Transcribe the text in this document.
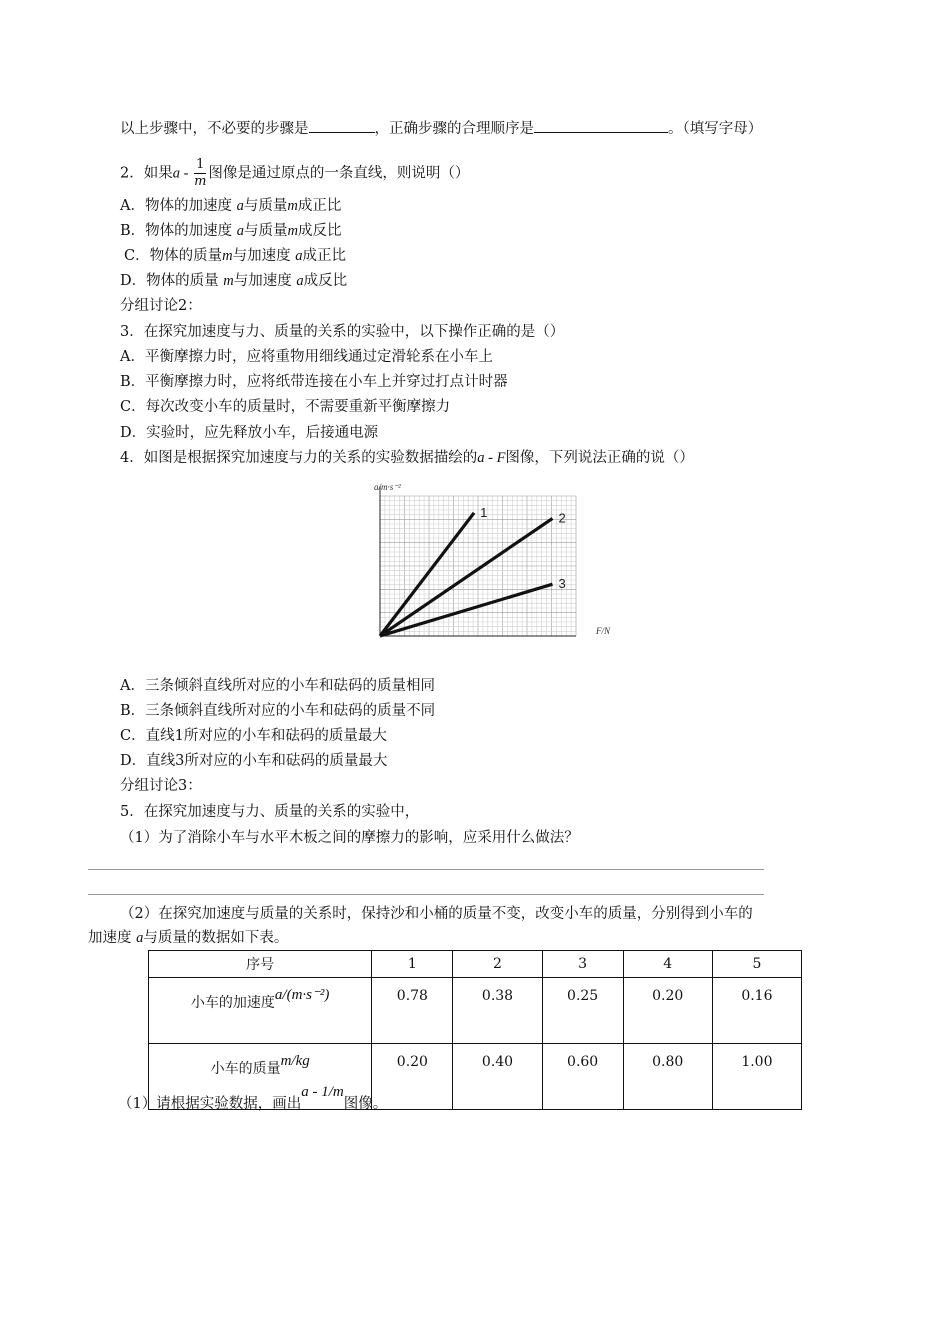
以上步骤中，不必要的步骤是	，正确步骤的合理顺序是	。（填写字母）
2．如果a - $\frac{1}{m}$ 图像是通过原点的一条直线，则说明（）
A．物体的加速度 a与质量m成正比
B．物体的加速度 a与质量m成反比
C．物体的质量m与加速度 a成正比
D．物体的质量 m与加速度 a成反比
分组讨论2：
3．在探究加速度与力、质量的关系的实验中，以下操作正确的是（）
A．平衡摩擦力时，应将重物用细线通过定滑轮系在小车上
B．平衡摩擦力时，应将纸带连接在小车上并穿过打点计时器
C．每次改变小车的质量时，不需要重新平衡摩擦力
D．实验时，应先释放小车，后接通电源
4．如图是根据探究加速度与力的关系的实验数据描绘的a - F图像，下列说法正确的说（）
1	2
3
a/m·s⁻²
F/N
A．三条倾斜直线所对应的小车和砝码的质量相同
B．三条倾斜直线所对应的小车和砝码的质量不同
C．直线1所对应的小车和砝码的质量最大
D．直线3所对应的小车和砝码的质量最大
分组讨论3：
5．在探究加速度与力、质量的关系的实验中，
（1）为了消除小车与水平木板之间的摩擦力的影响，应采用什么做法？
（2）在探究加速度与质量的关系时，保持沙和小桶的质量不变，改变小车的质量，分别得到小车的
加速度 a与质量的数据如下表。
序号	1	2	3	4	5
小车的加速度a/(m·s⁻²)	0.78	0.38	0.25	0.20	0.16
小车的质量m/kg	0.20	0.40	0.60	0.80	1.00
（1）请根据实验数据，画出a - 1/m图像。
